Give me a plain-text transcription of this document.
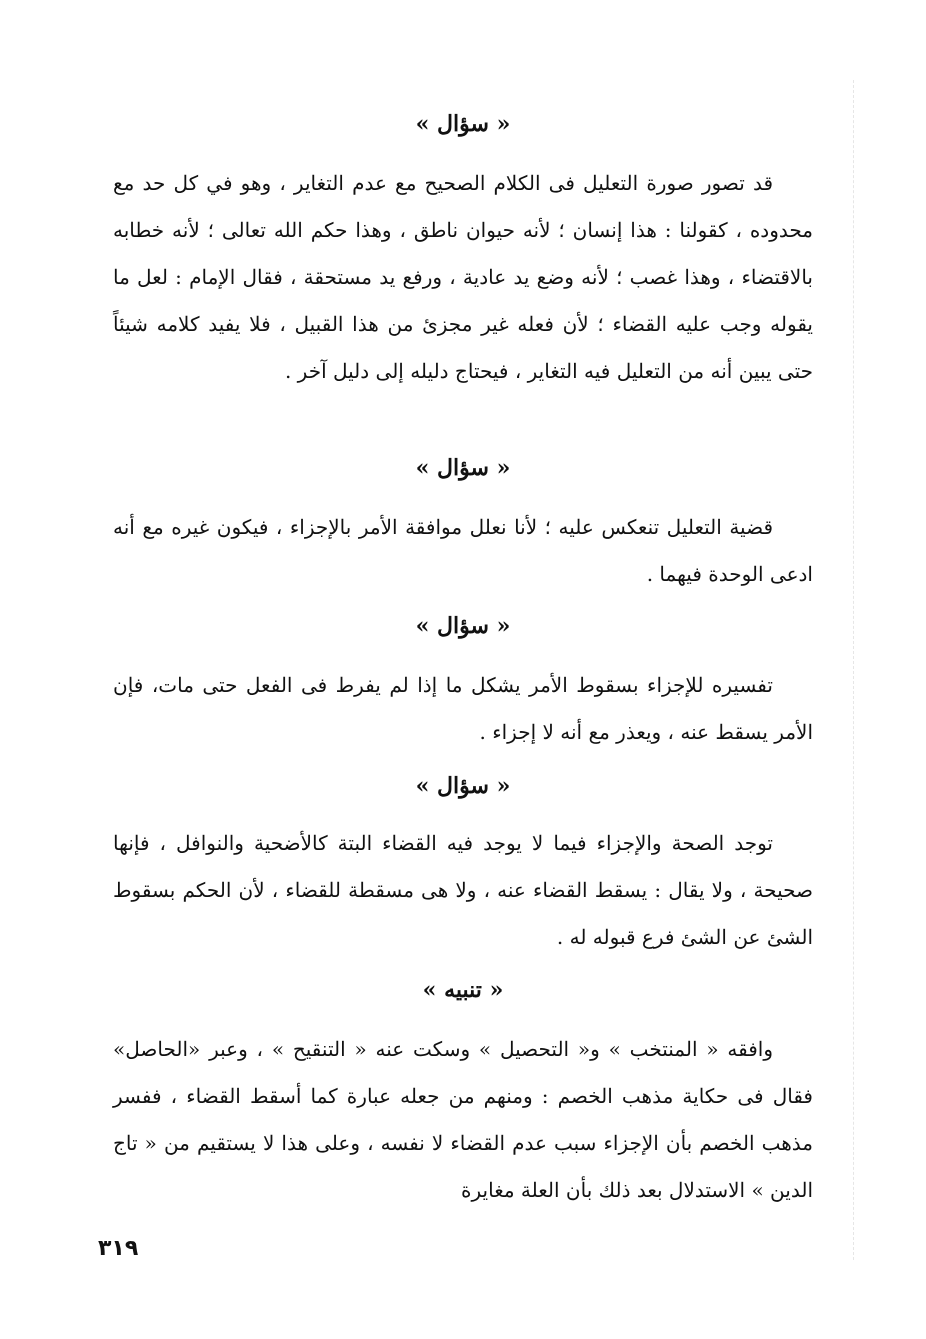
« سؤال »
قد تصور صورة التعليل فى الكلام الصحيح مع عدم التغاير ، وهو في كل حد مع محدوده ، كقولنا : هذا إنسان ؛ لأنه حيوان ناطق ، وهذا حكم الله تعالى ؛ لأنه خطابه بالاقتضاء ، وهذا غصب ؛ لأنه وضع يد عادية ، ورفع يد مستحقة ، فقال الإمام : لعل ما يقوله وجب عليه القضاء ؛ لأن فعله غير مجزئ من هذا القبيل ، فلا يفيد كلامه شيئاً حتى يبين أنه من التعليل فيه التغاير ، فيحتاج دليله إلى دليل آخر .
« سؤال »
قضية التعليل تنعكس عليه ؛ لأنا نعلل موافقة الأمر بالإجزاء ، فيكون غيره مع أنه ادعى الوحدة فيهما .
« سؤال »
تفسيره للإجزاء بسقوط الأمر يشكل ما إذا لم يفرط فى الفعل حتى مات، فإن الأمر يسقط عنه ، ويعذر مع أنه لا إجزاء .
« سؤال »
توجد الصحة والإجزاء فيما لا يوجد فيه القضاء البتة كالأضحية والنوافل ، فإنها صحيحة ، ولا يقال : يسقط القضاء عنه ، ولا هى مسقطة للقضاء ، لأن الحكم بسقوط الشئ عن الشئ فرع قبوله له .
« تنبيه »
وافقه « المنتخب » و« التحصيل » وسكت عنه « التنقيح » ، وعبر «الحاصل» فقال فى حكاية مذهب الخصم : ومنهم من جعله عبارة كما أسقط القضاء ، ففسر مذهب الخصم بأن الإجزاء سبب عدم القضاء لا نفسه ، وعلى هذا لا يستقيم من « تاج الدين » الاستدلال بعد ذلك بأن العلة مغايرة
٣١٩
